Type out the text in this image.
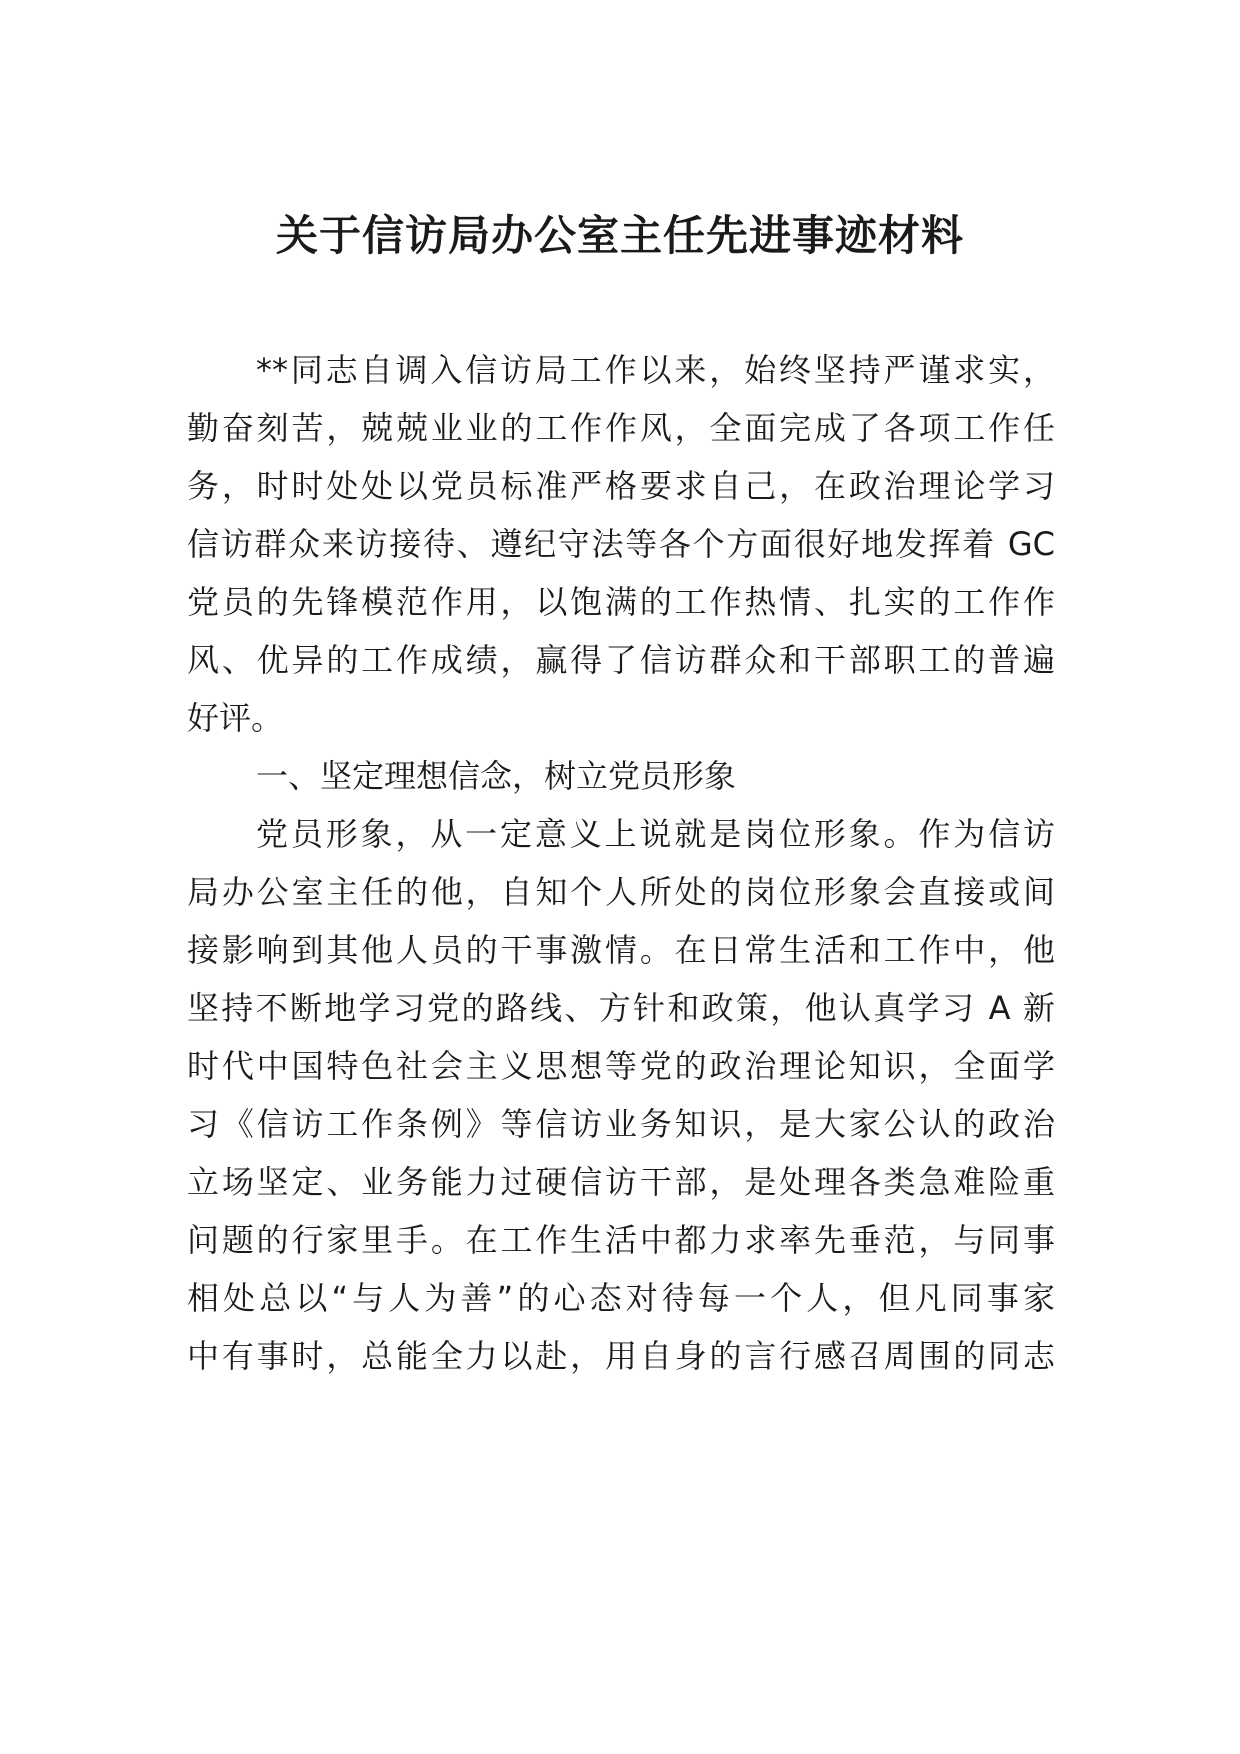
关于信访局办公室主任先进事迹材料
**同志自调入信访局工作以来，始终坚持严谨求实，
勤奋刻苦，兢兢业业的工作作风，全面完成了各项工作任
务，时时处处以党员标准严格要求自己，在政治理论学习
信访群众来访接待、遵纪守法等各个方面很好地发挥着 GC
党员的先锋模范作用，以饱满的工作热情、扎实的工作作
风、优异的工作成绩，赢得了信访群众和干部职工的普遍
好评。
一、坚定理想信念，树立党员形象
党员形象，从一定意义上说就是岗位形象。作为信访
局办公室主任的他，自知个人所处的岗位形象会直接或间
接影响到其他人员的干事激情。在日常生活和工作中，他
坚持不断地学习党的路线、方针和政策，他认真学习 A 新
时代中国特色社会主义思想等党的政治理论知识，全面学
习《信访工作条例》等信访业务知识，是大家公认的政治
立场坚定、业务能力过硬信访干部，是处理各类急难险重
问题的行家里手。在工作生活中都力求率先垂范，与同事
相处总以“与人为善”的心态对待每一个人，但凡同事家
中有事时，总能全力以赴，用自身的言行感召周围的同志
